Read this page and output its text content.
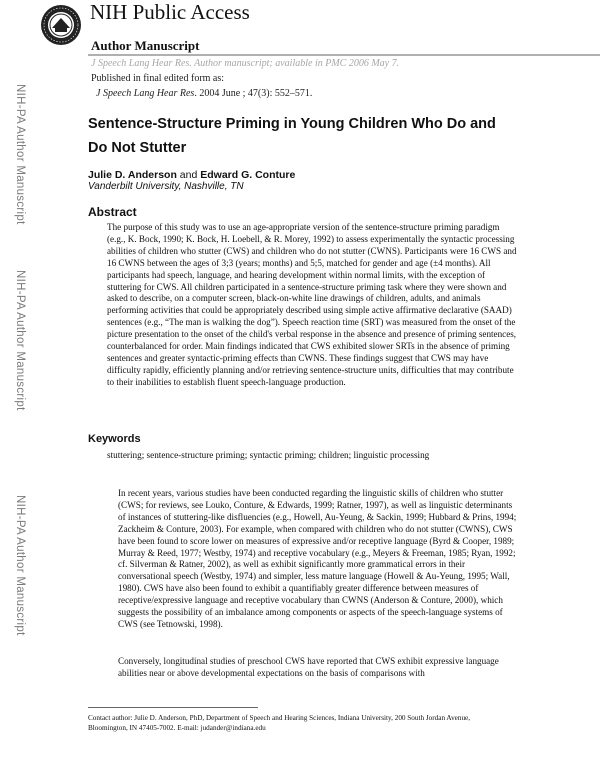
NIH Public Access
Author Manuscript
J Speech Lang Hear Res. Author manuscript; available in PMC 2006 May 7.
Published in final edited form as:
J Speech Lang Hear Res. 2004 June ; 47(3): 552–571.
NIH-PA Author Manuscript
NIH-PA Author Manuscript
NIH-PA Author Manuscript
Sentence-Structure Priming in Young Children Who Do and Do Not Stutter
Julie D. Anderson and Edward G. Conture
Vanderbilt University, Nashville, TN
Abstract
The purpose of this study was to use an age-appropriate version of the sentence-structure priming paradigm (e.g., K. Bock, 1990; K. Bock, H. Loebell, & R. Morey, 1992) to assess experimentally the syntactic processing abilities of children who stutter (CWS) and children who do not stutter (CWNS). Participants were 16 CWS and 16 CWNS between the ages of 3;3 (years; months) and 5;5, matched for gender and age (±4 months). All participants had speech, language, and hearing development within normal limits, with the exception of stuttering for CWS. All children participated in a sentence-structure priming task where they were shown and asked to describe, on a computer screen, black-on-white line drawings of children, adults, and animals performing activities that could be appropriately described using simple active affirmative declarative (SAAD) sentences (e.g., “The man is walking the dog”). Speech reaction time (SRT) was measured from the onset of the picture presentation to the onset of the child's verbal response in the absence and presence of priming sentences, counterbalanced for order. Main findings indicated that CWS exhibited slower SRTs in the absence of priming sentences and greater syntactic-priming effects than CWNS. These findings suggest that CWS may have difficulty rapidly, efficiently planning and/or retrieving sentence-structure units, difficulties that may contribute to their inabilities to establish fluent speech-language production.
Keywords
stuttering; sentence-structure priming; syntactic priming; children; linguistic processing
In recent years, various studies have been conducted regarding the linguistic skills of children who stutter (CWS; for reviews, see Louko, Conture, & Edwards, 1999; Ratner, 1997), as well as linguistic determinants of instances of stuttering-like disfluencies (e.g., Howell, Au-Yeung, & Sackin, 1999; Hubbard & Prins, 1994; Zackheim & Conture, 2003). For example, when compared with children who do not stutter (CWNS), CWS have been found to score lower on measures of expressive and/or receptive language (Byrd & Cooper, 1989; Murray & Reed, 1977; Westby, 1974) and receptive vocabulary (e.g., Meyers & Freeman, 1985; Ryan, 1992; cf. Silverman & Ratner, 2002), as well as exhibit significantly more grammatical errors in their conversational speech (Westby, 1974) and simpler, less mature language (Howell & Au-Yeung, 1995; Wall, 1980). CWS have also been found to exhibit a quantifiably greater difference between measures of receptive/expressive language and receptive vocabulary than CWNS (Anderson & Conture, 2000), which suggests the possibility of an imbalance among components or aspects of the speech-language systems of CWS (see Tetnowski, 1998).
Conversely, longitudinal studies of preschool CWS have reported that CWS exhibit expressive language abilities near or above developmental expectations on the basis of comparisons with
Contact author: Julie D. Anderson, PhD, Department of Speech and Hearing Sciences, Indiana University, 200 South Jordan Avenue,
Bloomington, IN 47405-7002. E-mail: judander@indiana.edu
